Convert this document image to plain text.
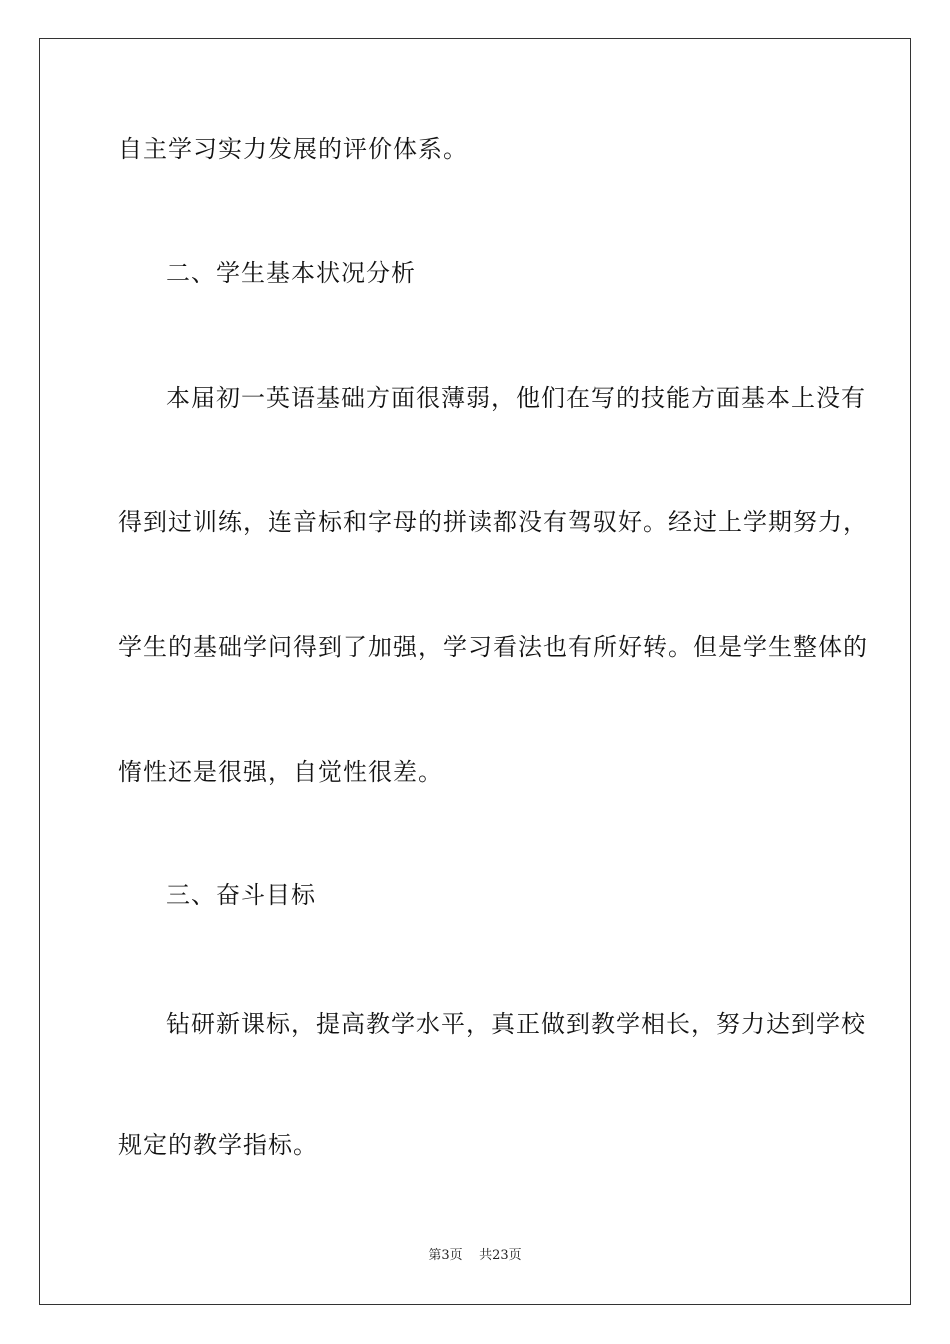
自主学习实力发展的评价体系。
二、学生基本状况分析
本届初一英语基础方面很薄弱，他们在写的技能方面基本上没有
得到过训练，连音标和字母的拼读都没有驾驭好。经过上学期努力，
学生的基础学问得到了加强，学习看法也有所好转。但是学生整体的
惰性还是很强，自觉性很差。
三、奋斗目标
钻研新课标，提高教学水平，真正做到教学相长，努力达到学校
规定的教学指标。
第3页 共23页
